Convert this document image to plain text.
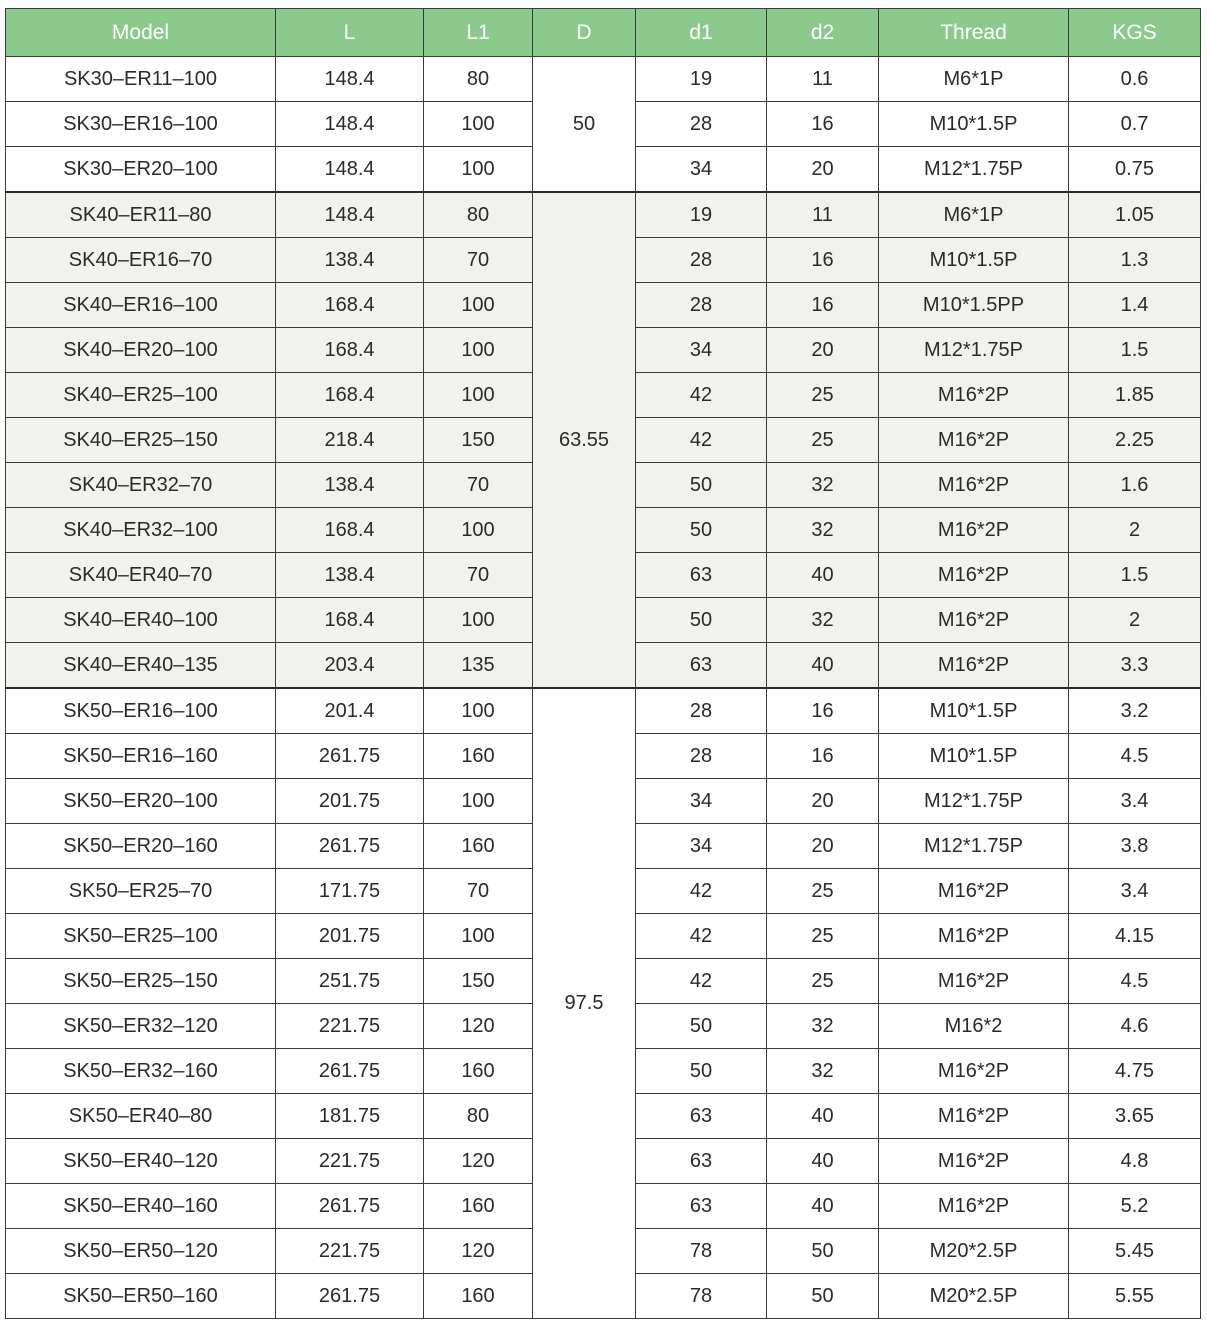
Model	L	L1	D	d1	d2	Thread	KGS
SK30–ER11–100	148.4	80	50	19	11	M6*1P	0.6
SK30–ER16–100	148.4	100		28	16	M10*1.5P	0.7
SK30–ER20–100	148.4	100		34	20	M12*1.75P	0.75
SK40–ER11–80	148.4	80	63.55	19	11	M6*1P	1.05
SK40–ER16–70	138.4	70		28	16	M10*1.5P	1.3
SK40–ER16–100	168.4	100		28	16	M10*1.5PP	1.4
SK40–ER20–100	168.4	100		34	20	M12*1.75P	1.5
SK40–ER25–100	168.4	100		42	25	M16*2P	1.85
SK40–ER25–150	218.4	150		42	25	M16*2P	2.25
SK40–ER32–70	138.4	70		50	32	M16*2P	1.6
SK40–ER32–100	168.4	100		50	32	M16*2P	2
SK40–ER40–70	138.4	70		63	40	M16*2P	1.5
SK40–ER40–100	168.4	100		50	32	M16*2P	2
SK40–ER40–135	203.4	135		63	40	M16*2P	3.3
SK50–ER16–100	201.4	100	97.5	28	16	M10*1.5P	3.2
SK50–ER16–160	261.75	160		28	16	M10*1.5P	4.5
SK50–ER20–100	201.75	100		34	20	M12*1.75P	3.4
SK50–ER20–160	261.75	160		34	20	M12*1.75P	3.8
SK50–ER25–70	171.75	70		42	25	M16*2P	3.4
SK50–ER25–100	201.75	100		42	25	M16*2P	4.15
SK50–ER25–150	251.75	150		42	25	M16*2P	4.5
SK50–ER32–120	221.75	120		50	32	M16*2	4.6
SK50–ER32–160	261.75	160		50	32	M16*2P	4.75
SK50–ER40–80	181.75	80		63	40	M16*2P	3.65
SK50–ER40–120	221.75	120		63	40	M16*2P	4.8
SK50–ER40–160	261.75	160		63	40	M16*2P	5.2
SK50–ER50–120	221.75	120		78	50	M20*2.5P	5.45
SK50–ER50–160	261.75	160		78	50	M20*2.5P	5.55
